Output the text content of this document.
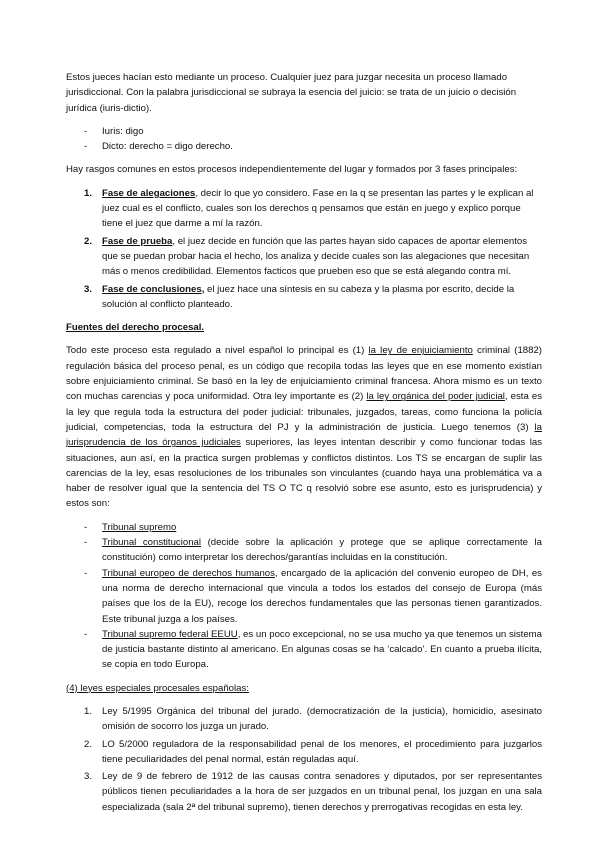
Estos jueces hacían esto mediante un proceso. Cualquier juez para juzgar necesita un proceso llamado jurisdiccional. Con la palabra jurisdiccional se subraya la esencia del juicio: se trata de un juicio o decisión jurídica (iuris-dictio).

- Iuris: digo
- Dicto: derecho = digo derecho.

Hay rasgos comunes en estos procesos independientemente del lugar y formados por 3 fases principales:

1. Fase de alegaciones, decir lo que yo considero. Fase en la q se presentan las partes y le explican al juez cual es el conflicto, cuales son los derechos q pensamos que están en juego y explico porque tiene el juez que darme a mí la razón.
2. Fase de prueba, el juez decide en función que las partes hayan sido capaces de aportar elementos que se puedan probar hacia el hecho, los analiza y decide cuales son las alegaciones que necesitan más o menos credibilidad. Elementos facticos que prueben eso que se está alegando contra mí.
3. Fase de conclusiones, el juez hace una síntesis en su cabeza y la plasma por escrito, decide la solución al conflicto planteado.

Fuentes del derecho procesal.

Todo este proceso esta regulado a nivel español lo principal es (1) la ley de enjuiciamiento criminal (1882) regulación básica del proceso penal, es un código que recopila todas las leyes que en ese momento existían sobre enjuiciamiento criminal. Se basó en la ley de enjuiciamiento criminal francesa. Ahora mismo es un texto con muchas carencias y poca uniformidad. Otra ley importante es (2) la ley orgánica del poder judicial, esta es la ley que regula toda la estructura del poder judicial: tribunales, juzgados, tareas, como funciona la policía judicial, competencias, toda la estructura del PJ y la administración de justicia. Luego tenemos (3) la jurisprudencia de los órganos judiciales superiores, las leyes intentan describir y como funcionar todas las situaciones, aun así, en la practica surgen problemas y conflictos distintos. Los TS se encargan de suplir las carencias de la ley, esas resoluciones de los tribunales son vinculantes (cuando haya una problemática va a haber de resolver igual que la sentencia del TS O TC q resolvió sobre ese asunto, esto es jurisprudencia) y estos son:

- Tribunal supremo
- Tribunal constitucional (decide sobre la aplicación y protege que se aplique correctamente la constitución) como interpretar los derechos/garantías incluidas en la constitución.
- Tribunal europeo de derechos humanos, encargado de la aplicación del convenio europeo de DH, es una norma de derecho internacional que vincula a todos los estados del consejo de Europa (más países que los de la EU), recoge los derechos fundamentales que las personas tienen garantizados. Este tribunal juzga a los países.
- Tribunal supremo federal EEUU, es un poco excepcional, no se usa mucho ya que tenemos un sistema de justicia bastante distinto al americano. En algunas cosas se ha ‘calcado’. En cuanto a prueba ilícita, se copia en todo Europa.

(4) leyes especiales procesales españolas:

1. Ley 5/1995 Orgánica del tribunal del jurado. (democratización de la justicia), homicidio, asesinato omisión de socorro los juzga un jurado.
2. LO 5/2000 reguladora de la responsabilidad penal de los menores, el procedimiento para juzgarlos tiene peculiaridades del penal normal, están reguladas aquí.
3. Ley de 9 de febrero de 1912 de las causas contra senadores y diputados, por ser representantes públicos tienen peculiaridades a la hora de ser juzgados en un tribunal penal, los juzgan en una sala especializada (sala 2ª del tribunal supremo), tienen derechos y prerrogativas recogidas en esta ley.
